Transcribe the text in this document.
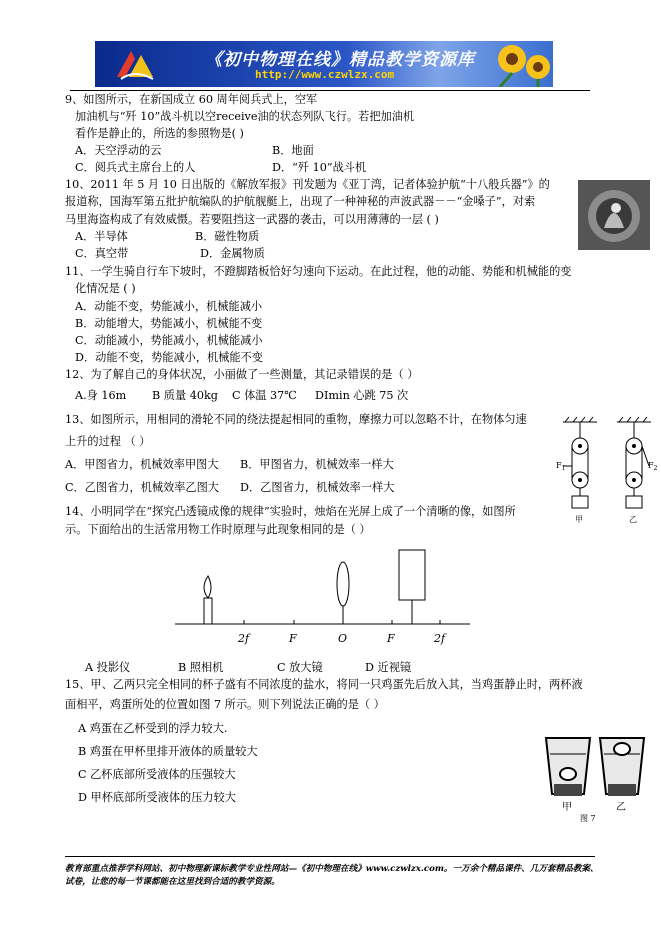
《初中物理在线》精品教学资源库
http://www.czwlzx.com
9、如图所示，在新国成立 60 周年阅兵式上，空军
加油机与“歼 10”战斗机以空receive油的状态列队飞行。若把加油机
看作是静止的，所选的参照物是( )
A．天空浮动的云	B．地面
C．阅兵式主席台上的人	D．“歼 10”战斗机
10、2011 年 5 月 10 日出版的《解放军报》刊发题为《亚丁湾，记者体验护航“十八般兵器”》的
报道称，国海军第五批护航编队的护航舰艇上，出现了一种神秘的声波武器－－“金嗓子”，对索
马里海盗构成了有效威慑。若要阻挡这一武器的袭击，可以用薄薄的一层 ( )
A．半导体	B．磁性物质
C．真空带	D．金属物质
11、一学生骑自行车下坡时，不蹬脚踏板恰好匀速向下运动。在此过程，他的动能、势能和机械能的变
化情况是 ( )
A．动能不变，势能减小，机械能减小
B．动能增大，势能减小，机械能不变
C．动能减小，势能减小，机械能减小
D．动能不变，势能减小，机械能不变
12、为了解自己的身体状况，小丽做了一些测量，其记录错误的是（ ）
A.身 16m B 质量 40kg C 体温 37℃ DImin 心跳 75 次
13、如图所示，用相同的滑轮不同的绕法提起相同的重物，摩擦力可以忽略不计，在物体匀速
上升的过程 （ ）
A．甲图省力，机械效率甲图大 B．甲图省力，机械效率一样大
C．乙图省力，机械效率乙图大 D．乙图省力，机械效率一样大
$F_1$	$F_2$
甲	乙
14、小明同学在“探究凸透镜成像的规律”实验时，烛焰在光屏上成了一个清晰的像，如图所
示。下面给出的生活常用物工作时原理与此现象相同的是（ ）
2f	F	O	F	2f
A 投影仪	B 照相机	C 放大镜	D 近视镜
15、甲、乙两只完全相同的杯子盛有不同浓度的盐水，将同一只鸡蛋先后放入其，当鸡蛋静止时，两杯液
面相平，鸡蛋所处的位置如图 7 所示。则下列说法正确的是（ ）
A 鸡蛋在乙杯受到的浮力较大.
B 鸡蛋在甲杯里排开液体的质量较大
C 乙杯底部所受液体的压强较大
D 甲杯底部所受液体的压力较大
甲	乙
图 7
教育部重点推荐学科网站、初中物理新课标教学专业性网站—《初中物理在线》www.czwlzx.com。一万余个精品课件、几万套精品教案、试卷，让您的每一节课都能在这里找到合适的教学资源。
